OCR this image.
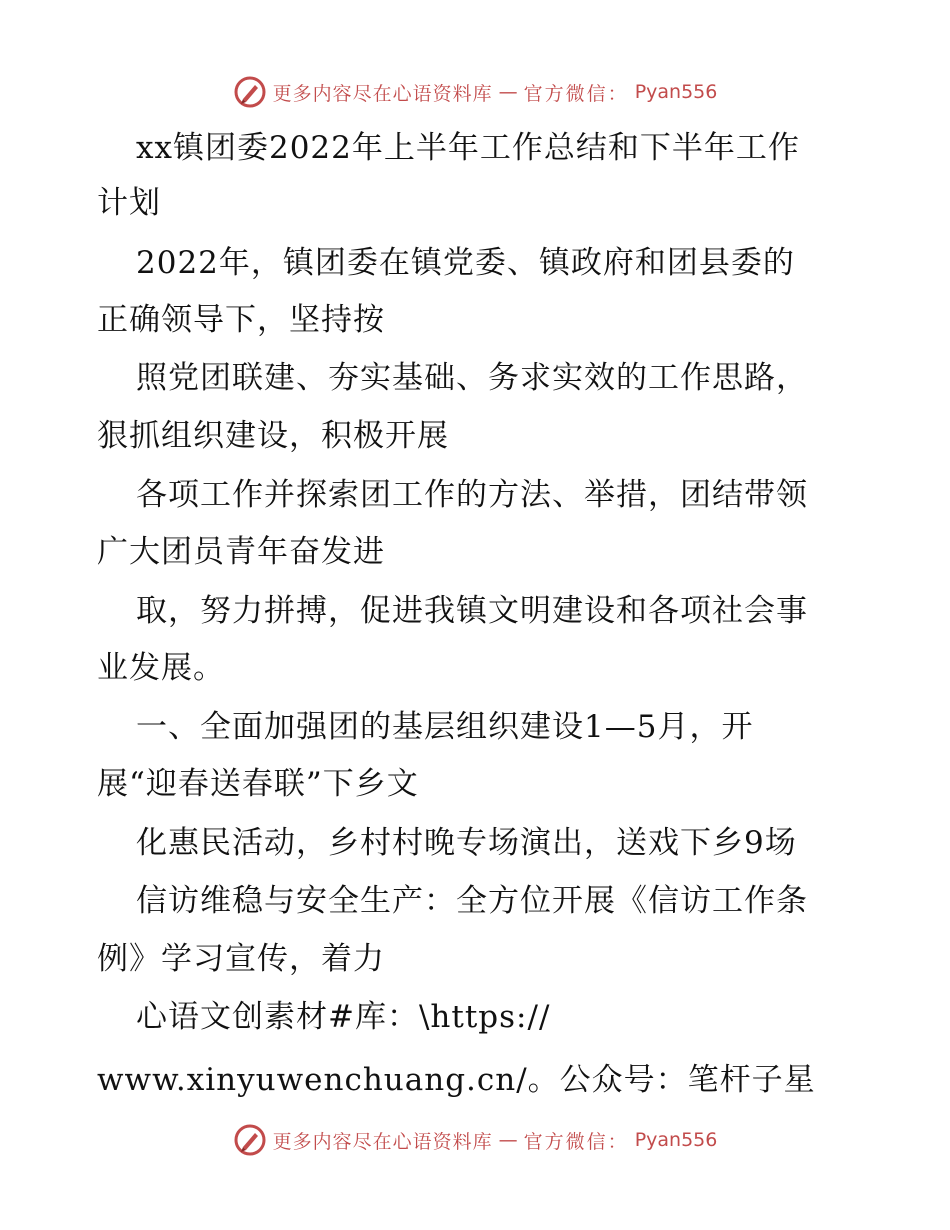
更多内容尽在心语资料库 — 官方微信： Pyan556
xx镇团委2022年上半年工作总结和下半年工作
计划
2022年，镇团委在镇党委、镇政府和团县委的
正确领导下，坚持按
照党团联建、夯实基础、务求实效的工作思路，
狠抓组织建设，积极开展
各项工作并探索团工作的方法、举措，团结带领
广大团员青年奋发进
取，努力拼搏，促进我镇文明建设和各项社会事
业发展。
一、全面加强团的基层组织建设1—5月，开
展“迎春送春联”下乡文
化惠民活动，乡村村晚专场演出，送戏下乡9场
信访维稳与安全生产：全方位开展《信访工作条
例》学习宣传，着力
心语文创素材#库：\https://
www.xinyuwenchuang.cn/。公众号：笔杆子星
更多内容尽在心语资料库 — 官方微信： Pyan556
